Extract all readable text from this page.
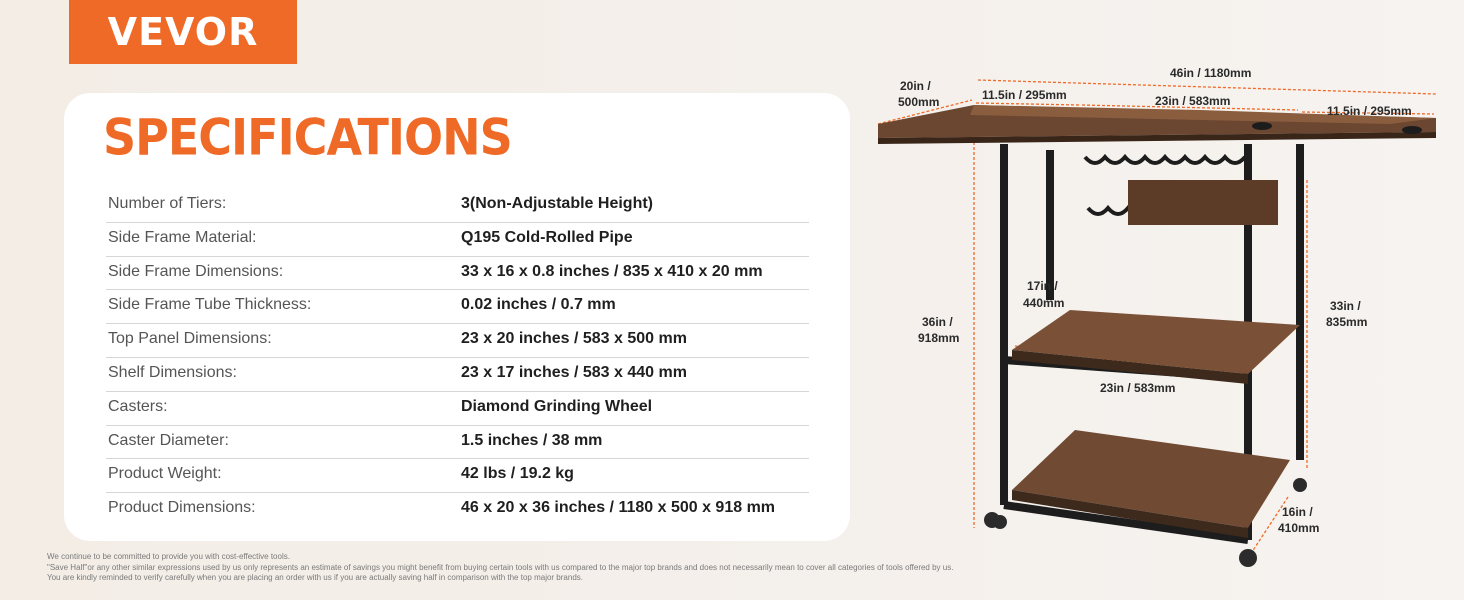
VEVOR
SPECIFICATIONS
Number of Tiers:	3(Non-Adjustable Height)
Side Frame Material:	Q195 Cold-Rolled Pipe
Side Frame Dimensions:	33 x 16 x 0.8 inches / 835 x 410 x 20 mm
Side Frame Tube Thickness:	0.02 inches / 0.7 mm
Top Panel Dimensions:	23 x 20 inches / 583 x 500 mm
Shelf Dimensions:	23 x 17 inches / 583 x 440 mm
Casters:	Diamond Grinding Wheel
Caster Diameter:	1.5 inches / 38 mm
Product Weight:	42 lbs / 19.2 kg
Product Dimensions:	46 x 20 x 36 inches / 1180 x 500 x 918 mm
We continue to be committed to provide you with cost-effective tools.
"Save Half"or any other similar expressions used by us only represents an estimate of savings you might benefit from buying certain tools with us compared to the major top brands and does not necessarily mean to cover all categories of tools offered by us.
You are kindly reminded to verify carefully when you are placing an order with us if you are actually saving half in comparison with the top major brands.
46in / 1180mm
20in /
500mm	11.5in / 295mm	23in / 583mm
11.5in / 295mm
17in /
440mm
36in /
918mm
33in /
835mm
23in / 583mm
16in /
410mm
